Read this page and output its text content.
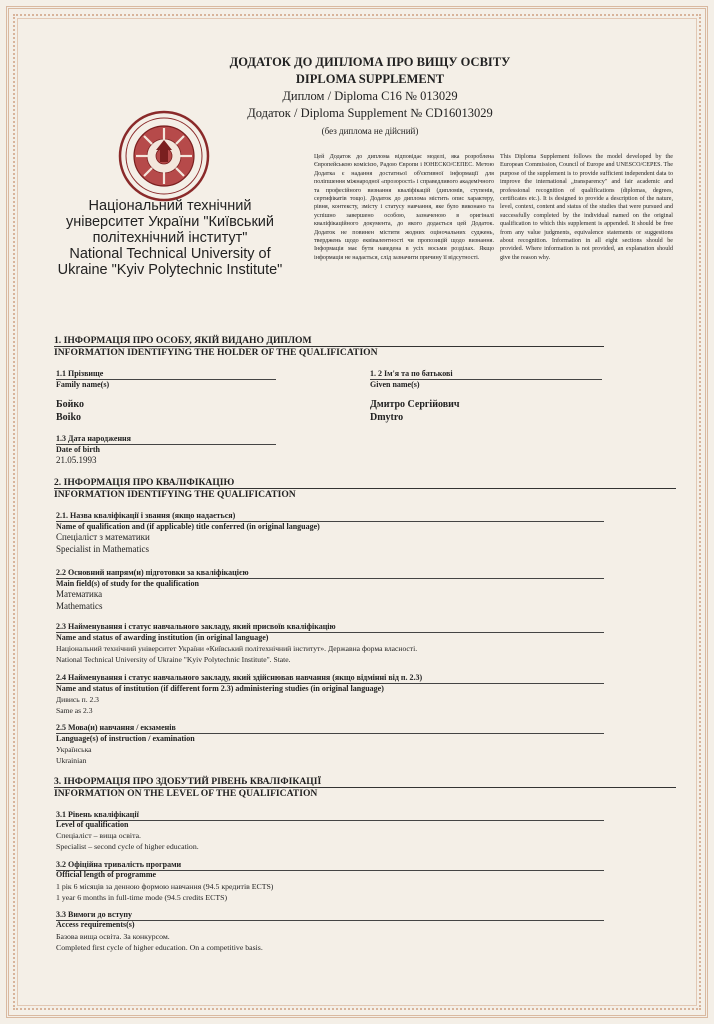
ДОДАТОК ДО ДИПЛОМА ПРО ВИЩУ ОСВІТУ
DIPLOMA SUPPLEMENT
Диплом / Diploma C16 № 013029
Додаток / Diploma Supplement № CD16013029
(без диплома не дійсний)
Національний технічний
університет України "Київський
політехнічний інститут"
National Technical University of
Ukraine "Kyiv Polytechnic Institute"
Цей Додаток до диплома відповідає моделі, яка розроблена Європейською комісією, Радою Європи і ЮНЕСКО/СЕПЕС. Метою Додатка є надання достатньої об'єктивної інформації для поліпшення міжнародної «прозорості» і справедливого академічного та професійного визнання кваліфікацій (дипломів, ступенів, сертифікатів тощо). Додаток до диплома містить опис характеру, рівня, контексту, змісту і статусу навчання, яке було виконано та успішно завершено особою, зазначеною в оригіналі кваліфікаційного документа, до якого додається цей Додаток. Додаток не повинен містити жодних оціночальних суджень, тверджень щодо еквівалентності чи пропозицій щодо визнання. Інформація має бути наведена в усіх восьми розділах. Якщо інформація не надається, слід зазначити причину її відсутності.
This Diploma Supplement follows the model developed by the European Commission, Council of Europe and UNESCO/CEPES. The purpose of the supplement is to provide sufficient independent data to improve the international „transparency" and fair academic and professional recognition of qualifications (diplomas, degrees, certificates etc.). It is designed to provide a description of the nature, level, context, content and status of the studies that were pursued and successfully completed by the individual named on the original qualification to which this supplement is appended. It should be free from any value judgments, equivalence statements or suggestions about recognition. Information in all eight sections should be provided. Where information is not provided, an explanation should give the reason why.
1. ІНФОРМАЦІЯ ПРО ОСОБУ, ЯКІЙ ВИДАНО ДИПЛОМ
INFORMATION IDENTIFYING THE HOLDER OF THE QUALIFICATION
1.1 Прізвище
Family name(s)
Бойко
Boiko
1. 2 Ім'я та по батькові
Given name(s)
Дмитро Сергійович
Dmytro
1.3 Дата народження
Date of birth
21.05.1993
2. ІНФОРМАЦІЯ ПРО КВАЛІФІКАЦІЮ
INFORMATION IDENTIFYING THE QUALIFICATION
2.1. Назва кваліфікації і звання (якщо надається)
Name of qualification and (if applicable) title conferred (in original language)
Спеціаліст з математики
Specialist in Mathematics
2.2 Основний напрям(и) підготовки за кваліфікацією
Main field(s) of study for the qualification
Математика
Mathematics
2.3 Найменування і статус навчального закладу, який присвоїв кваліфікацію
Name and status of awarding institution (in original language)
Національний технічний університет України «Київський політехнічний інститут». Державна форма власності.
National Technical University of Ukraine "Kyiv Polytechnic Institute". State.
2.4 Найменування і статус навчального закладу, який здійснював навчання (якщо відмінні від п. 2.3)
Name and status of institution (if different form 2.3) administering studies (in original language)
Дивись п. 2.3
Same as 2.3
2.5 Мова(и) навчання / екзаменів
Language(s) of instruction / examination
Українська
Ukrainian
3. ІНФОРМАЦІЯ ПРО ЗДОБУТИЙ РІВЕНЬ КВАЛІФІКАЦІЇ
INFORMATION ON THE LEVEL OF THE QUALIFICATION
3.1 Рівень кваліфікації
Level of qualification
Спеціаліст – вища освіта.
Specialist – second cycle of higher education.
3.2 Офіційна тривалість програми
Official length of programme
1 рік 6 місяців за денною формою навчання (94.5 кредитів ECTS)
1 year 6 months in full-time mode (94.5 credits ECTS)
3.3 Вимоги до вступу
Access requirements(s)
Базова вища освіта. За конкурсом.
Completed first cycle of higher education. On a competitive basis.
